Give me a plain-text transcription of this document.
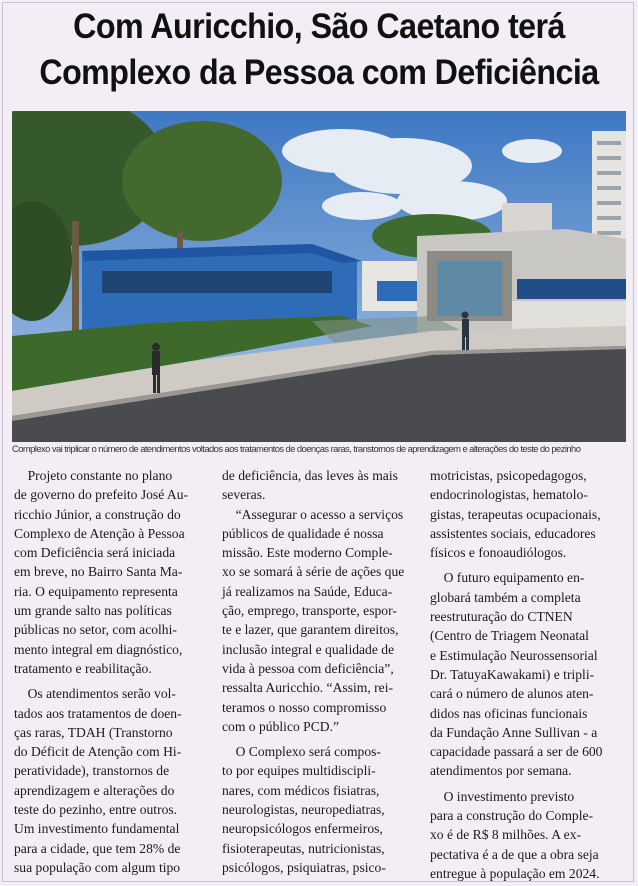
Com Auricchio, São Caetano terá
Complexo da Pessoa com Deficiência
Complexo vai triplicar o número de atendimentos voltados aos tratamentos de doenças raras, transtornos de aprendizagem e alterações do teste do pezinho

Projeto constante no plano

de governo do prefeito José Au-

ricchio Júnior, a construção do

Complexo de Atenção à Pessoa

com Deficiência será iniciada

em breve, no Bairro Santa Ma-

ria. O equipamento representa

um grande salto nas políticas

públicas no setor, com acolhi-

mento integral em diagnóstico,

tratamento e reabilitação.

Os atendimentos serão vol-

tados aos tratamentos de doen-

ças raras, TDAH (Transtorno

do Déficit de Atenção com Hi-

peratividade), transtornos de

aprendizagem e alterações do

teste do pezinho, entre outros.

Um investimento fundamental

para a cidade, que tem 28% de

sua população com algum tipo

de deficiência, das leves às mais

severas.

“Assegurar o acesso a serviços

públicos de qualidade é nossa

missão. Este moderno Comple-

xo se somará à série de ações que

já realizamos na Saúde, Educa-

ção, emprego, transporte, espor-

te e lazer, que garantem direitos,

inclusão integral e qualidade de

vida à pessoa com deficiência”,

ressalta Auricchio. “Assim, rei-

teramos o nosso compromisso

com o público PCD.”

O Complexo será compos-

to por equipes multidiscipli-

nares, com médicos fisiatras,

neurologistas, neuropediatras,

neuropsicólogos enfermeiros,

fisioterapeutas, nutricionistas,

psicólogos, psiquiatras, psico-

motricistas, psicopedagogos,

endocrinologistas, hematolo-

gistas, terapeutas ocupacionais,

assistentes sociais, educadores

físicos e fonoaudiólogos.

O futuro equipamento en-

globará também a completa

reestruturação do CTNEN

(Centro de Triagem Neonatal

e Estimulação Neurossensorial

Dr. TatuyaKawakami) e tripli-

cará o número de alunos aten-

didos nas oficinas funcionais

da Fundação Anne Sullivan - a

capacidade passará a ser de 600

atendimentos por semana.

O investimento previsto

para a construção do Comple-

xo é de R$ 8 milhões. A ex-

pectativa é a de que a obra seja

entregue à população em 2024.
